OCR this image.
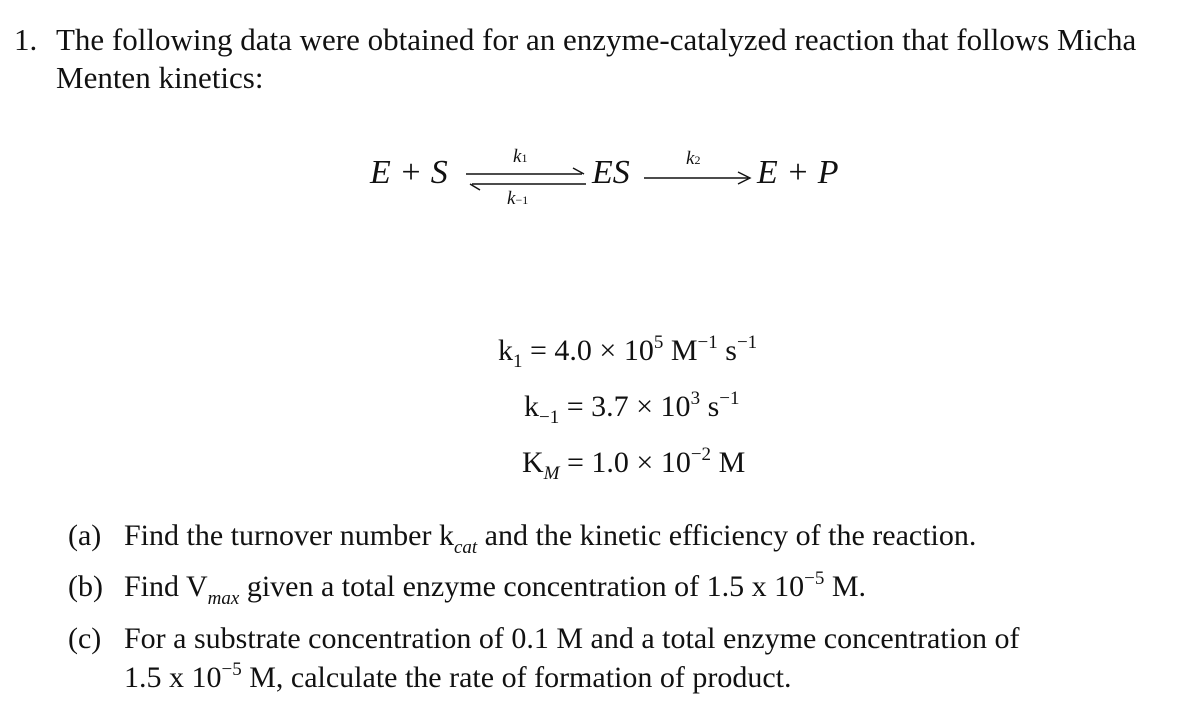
1. The following data were obtained for an enzyme-catalyzed reaction that follows Micha
Menten kinetics:
E + S	k1
k−1
ES	k2 E + P
$k_1 = 4.0 \times 10^5$ $M^{-1}$ $s^{-1}$
$k_{-1} = 3.7 \times 10^3$ $s^{-1}$
$K_M = 1.0 \times 10^{-2}$ M
(a) Find the turnover number $k_{cat}$ and the kinetic efficiency of the reaction.
(b) Find $V_{max}$ given a total enzyme concentration of 1.5 x $10^{-5}$ M.
(c) For a substrate concentration of 0.1 M and a total enzyme concentration of
1.5 x $10^{-5}$ M, calculate the rate of formation of product.
